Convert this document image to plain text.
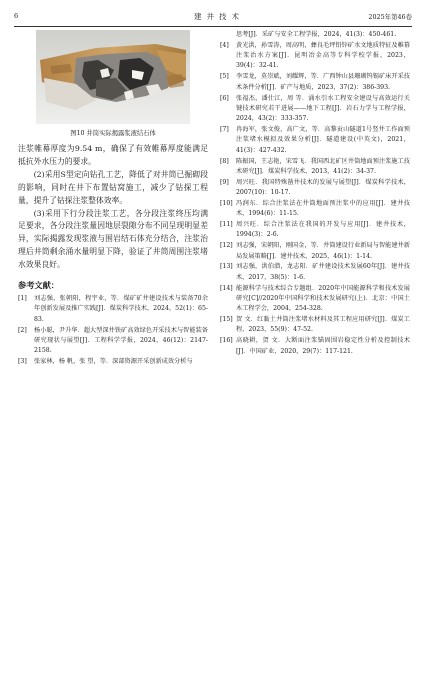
6	建井技术	2025年第46卷
图10 井筒实际揭露浆液结石体

注浆帷幕厚度为9.54 m，确保了有效帷幕厚度能满足抵抗外水压力的要求。

(2)采用S型定向钻孔工艺，降低了对井筒已掘砌段的影响，同时在井下布置钻窝施工，减少了钻探工程量，提升了钻探注浆整体效率。

(3)采用下行分段注浆工艺，各分段注浆终压均满足要求，各分段注浆量因地层裂隙分布不同呈现明显差异，实际揭露发现浆液与围岩结石体充分结合，注浆治理后井筒剩余涌水量明显下降，验证了井筒周围注浆堵水效果良好。

参考文献：
[1]	刘志强，张朝阳，程宇业，等．煤矿矿井建设技术与装备70余年创新发展及推广实践[J]．煤炭科学技术，2024，52(1)：65-83.
[2]	杨小聪，尹升华．超大型深井铁矿高效绿色开采技术与智能装备研究现状与展望[J]．工程科学学报，2024，46(12)：2147-2158.
[3]	张家林，杨 帆，张 望，等．深部资源开采创新成效分析与
思考[J]．采矿与安全工程学报，2024，41(3)：450-461.
[4]	黄光洪，孙雪涛，周高明，彝良毛坪铅锌矿水文地质特征及帷幕注浆治水方案[J]．昆明冶金高等专科学校学报，2023，39(4)：32-41.
[5]	李雪龙，莫崇斌，刘耀辉，等．广西钟山县珊瑚钨锡矿床开采技术条件分析[J]．矿产与地质，2023，37(2)：386-393.
[6]	张福杰，潘仕江，周 等．涌水引水工程安全建设与高效运行关键技术研究若干进展——地下工程[J]．岩石力学与工程学报，2024，43(2)：333-357.
[7]	冉海军，张文俊，高广文，等．高黎贡山隧道1号竖井工作面预注浆堵水模拟及效果分析[J]．隧道建设(中英文)，2021，41(3)：427-432.
[8]	陈振国，王志艳，宋雪飞．我国西北矿区井筒地面预注浆施工技术研究[J]．煤炭科学技术，2013，41(2)：34-37.
[9]	周兴旺．我国特殊凿井技术的发展与展望[J]．煤炭科学技术，2007(10)：10-17.
[10] 冯润东．综合注浆法在井筒地面预注浆中的应用[J]．建井技术，1994(6)：11-15.
[11] 周兴旺．综合注浆法在我国的开发与应用[J]．建井技术，1994(3)：2-6.
[12] 刘志强，宋朝阳，刚国金，等．井筒建设行业新局与智能建井新局发展策略[J]．建井技术，2025，46(1)：1-14.
[13] 刘志强，洪伯潜，龙志阳．矿井建设技术发展60年[J]．建井技术，2017，38(5)：1-6.
[14] 能源科学与技术综合专题组．2020年中国能源科学和技术发展研究[C]//2020年中国科学和技术发展研究(上)．北京：中国土木工程学会，2004，254-328.
[15] 贺 文．红黏土井筒注浆堵水材料及其工程应用研究[J]．煤炭工程，2023，55(9)：47-52.
[16] 高晓耕，贺 文．大断面注浆锚固围岩稳定性分析及控制技术[J]．中国矿业，2020，29(7)：117-121.
